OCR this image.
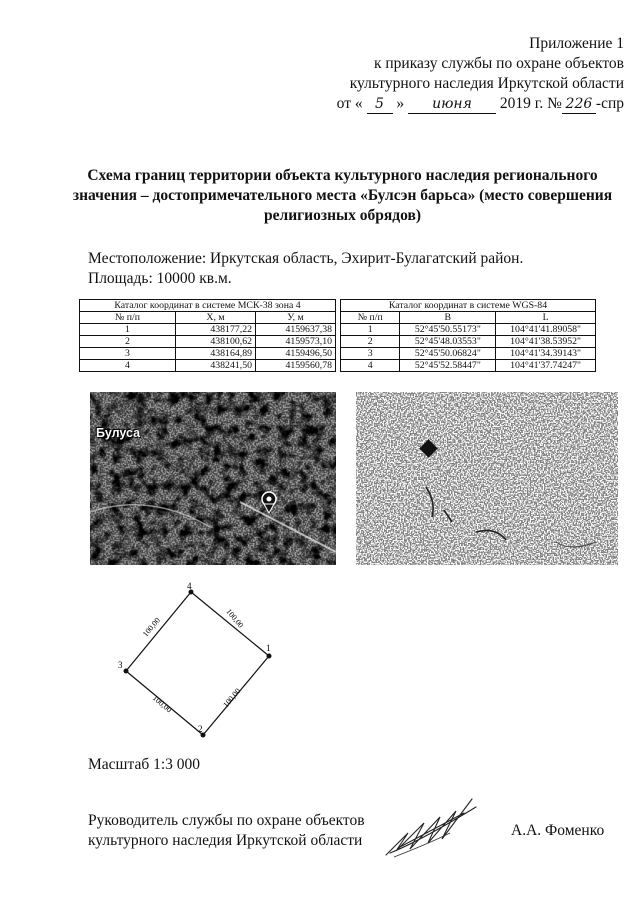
Приложение 1
к приказу службы по охране объектов
культурного наследия Иркутской области
от « 5 » июня 2019 г. № 226 -спр
Схема границ территории объекта культурного наследия регионального значения – достопримечательного места «Булсэн барьса» (место совершения религиозных обрядов)
Местоположение: Иркутская область, Эхирит-Булагатский район.
Площадь: 10000 кв.м.
Каталог координат в системе МСК-38 зона 4		
№ п/п	X, м	У, м
1	438177,22	4159637,38
2	438100,62	4159573,10
3	438164,89	4159496,50
4	438241,50	4159560,78
Каталог координат в системе WGS-84		
№ п/п	B	L
1	52°45'50.55173"	104°41'41.89058"
2	52°45'48.03553"	104°41'38.53952"
3	52°45'50.06824"	104°41'34.39143"
4	52°45'52.58447"	104°41'37.74247"
Булуса
1
2
3
4
100,00
100,00
100,00
100,00
Масштаб 1:3 000
Руководитель службы по охране объектов
культурного наследия Иркутской области
А.А. Фоменко
